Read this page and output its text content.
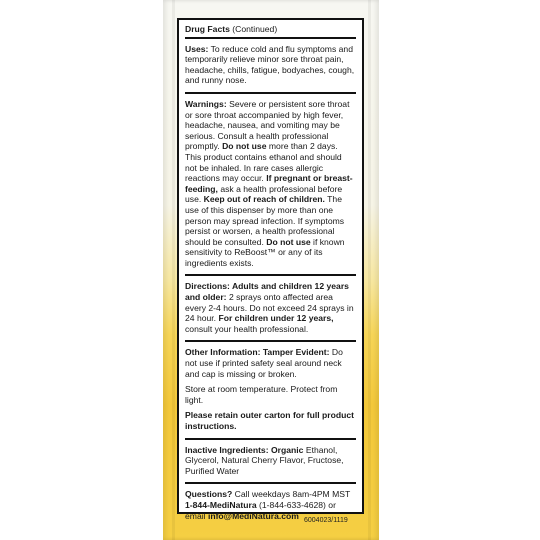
Drug Facts (Continued)

Uses: To reduce cold and flu symptoms and temporarily relieve minor sore throat pain, headache, chills, fatigue, bodyaches, cough, and runny nose.

Warnings: Severe or persistent sore throat or sore throat accompanied by high fever, headache, nausea, and vomiting may be serious. Consult a health professional promptly. Do not use more than 2 days. This product contains ethanol and should not be inhaled. In rare cases allergic reactions may occur. If pregnant or breast-feeding, ask a health professional before use. Keep out of reach of children. The use of this dispenser by more than one person may spread infection. If symptoms persist or worsen, a health professional should be consulted. Do not use if known sensitivity to ReBoost™ or any of its ingredients exists.

Directions: Adults and children 12 years and older: 2 sprays onto affected area every 2-4 hours. Do not exceed 24 sprays in 24 hour. For children under 12 years, consult your health professional.

Other Information: Tamper Evident: Do not use if printed safety seal around neck and cap is missing or broken.

Store at room temperature. Protect from light.

Please retain outer carton for full product instructions.

Inactive Ingredients: Organic Ethanol, Glycerol, Natural Cherry Flavor, Fructose, Purified Water

Questions? Call weekdays 8am-4PM MST
1-844-MediNatura (1-844-633-4628) or email info@MediNatura.com 6004023/1119
